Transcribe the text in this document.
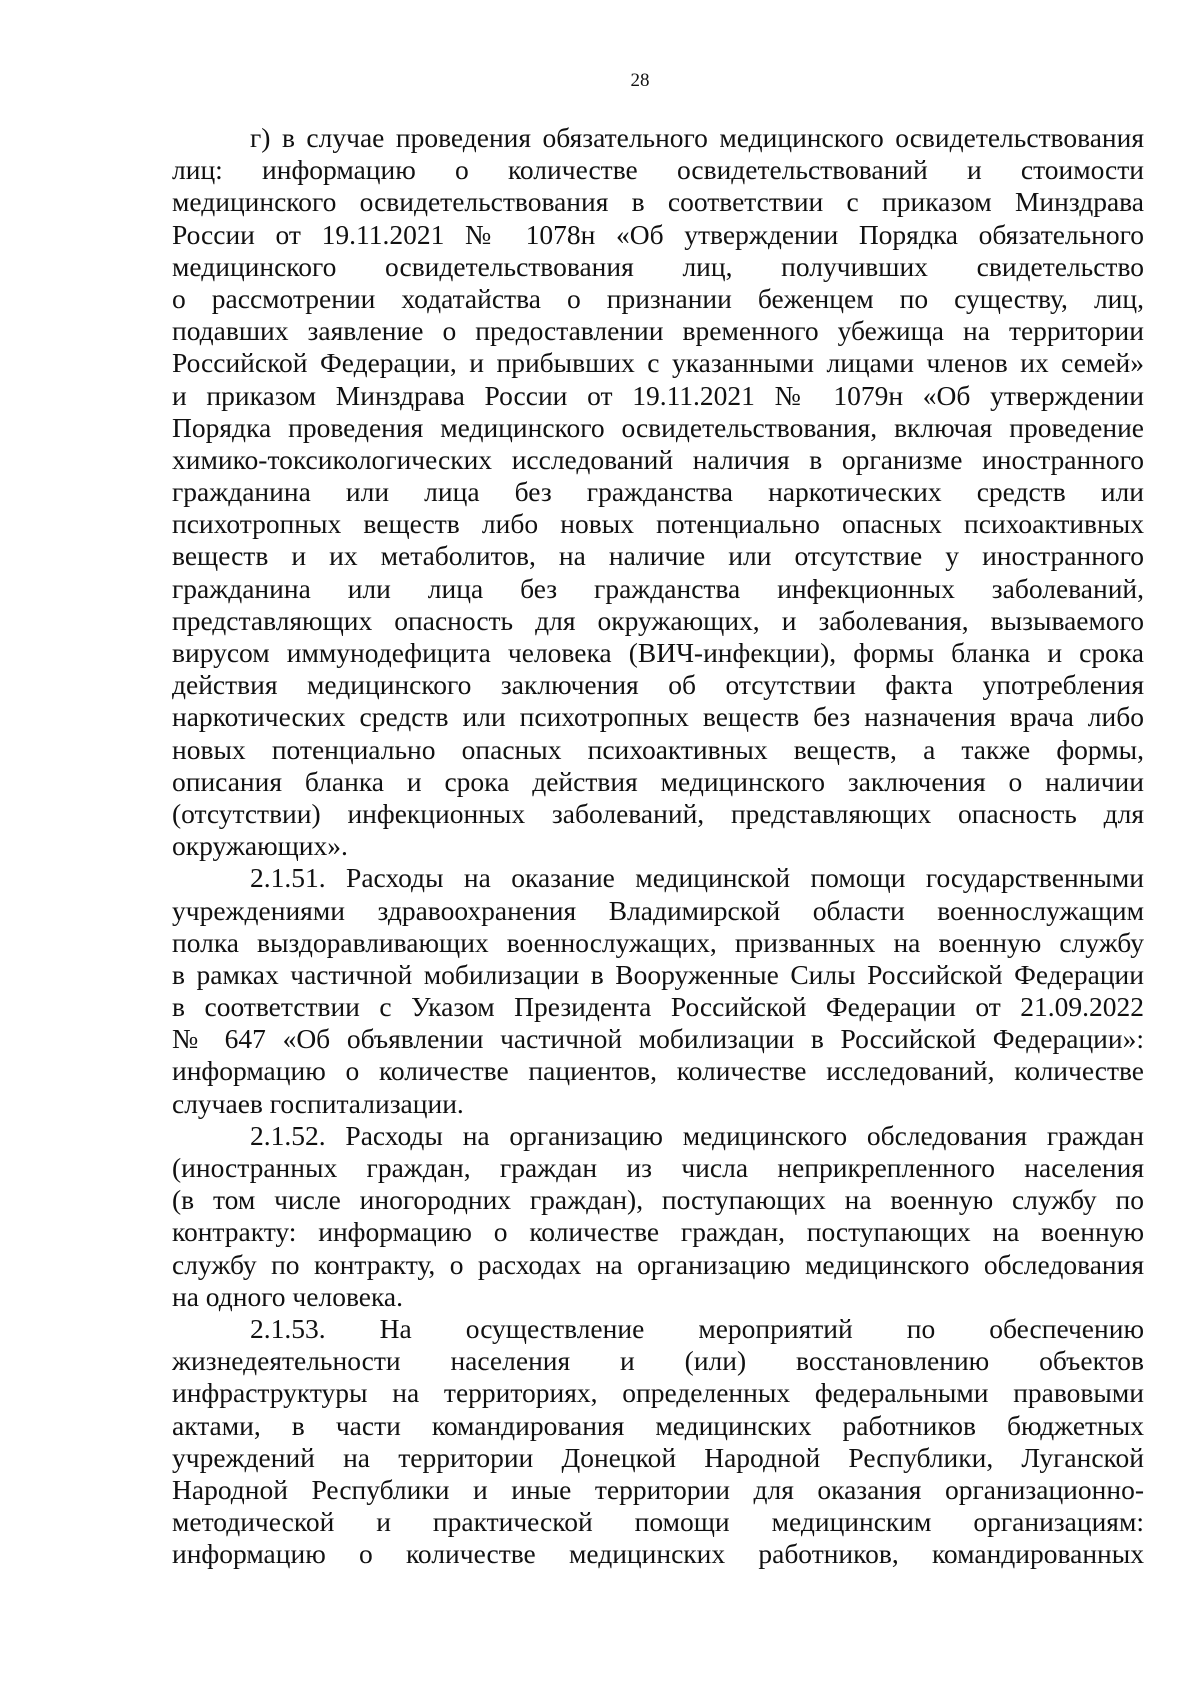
28
г) в случае проведения обязательного медицинского освидетельствования
лиц: информацию о количестве освидетельствований и стоимости
медицинского освидетельствования в соответствии с приказом Минздрава
России от 19.11.2021 № 1078н «Об утверждении Порядка обязательного
медицинского освидетельствования лиц, получивших свидетельство
о рассмотрении ходатайства о признании беженцем по существу, лиц,
подавших заявление о предоставлении временного убежища на территории
Российской Федерации, и прибывших с указанными лицами членов их семей»
и приказом Минздрава России от 19.11.2021 № 1079н «Об утверждении
Порядка проведения медицинского освидетельствования, включая проведение
химико-токсикологических исследований наличия в организме иностранного
гражданина или лица без гражданства наркотических средств или
психотропных веществ либо новых потенциально опасных психоактивных
веществ и их метаболитов, на наличие или отсутствие у иностранного
гражданина или лица без гражданства инфекционных заболеваний,
представляющих опасность для окружающих, и заболевания, вызываемого
вирусом иммунодефицита человека (ВИЧ-инфекции), формы бланка и срока
действия медицинского заключения об отсутствии факта употребления
наркотических средств или психотропных веществ без назначения врача либо
новых потенциально опасных психоактивных веществ, а также формы,
описания бланка и срока действия медицинского заключения о наличии
(отсутствии) инфекционных заболеваний, представляющих опасность для
окружающих».
2.1.51. Расходы на оказание медицинской помощи государственными
учреждениями здравоохранения Владимирской области военнослужащим
полка выздоравливающих военнослужащих, призванных на военную службу
в рамках частичной мобилизации в Вооруженные Силы Российской Федерации
в соответствии с Указом Президента Российской Федерации от 21.09.2022
№ 647 «Об объявлении частичной мобилизации в Российской Федерации»:
информацию о количестве пациентов, количестве исследований, количестве
случаев госпитализации.
2.1.52. Расходы на организацию медицинского обследования граждан
(иностранных граждан, граждан из числа неприкрепленного населения
(в том числе иногородних граждан), поступающих на военную службу по
контракту: информацию о количестве граждан, поступающих на военную
службу по контракту, о расходах на организацию медицинского обследования
на одного человека.
2.1.53. На осуществление мероприятий по обеспечению
жизнедеятельности населения и (или) восстановлению объектов
инфраструктуры на территориях, определенных федеральными правовыми
актами, в части командирования медицинских работников бюджетных
учреждений на территории Донецкой Народной Республики, Луганской
Народной Республики и иные территории для оказания организационно-
методической и практической помощи медицинским организациям:
информацию о количестве медицинских работников, командированных
